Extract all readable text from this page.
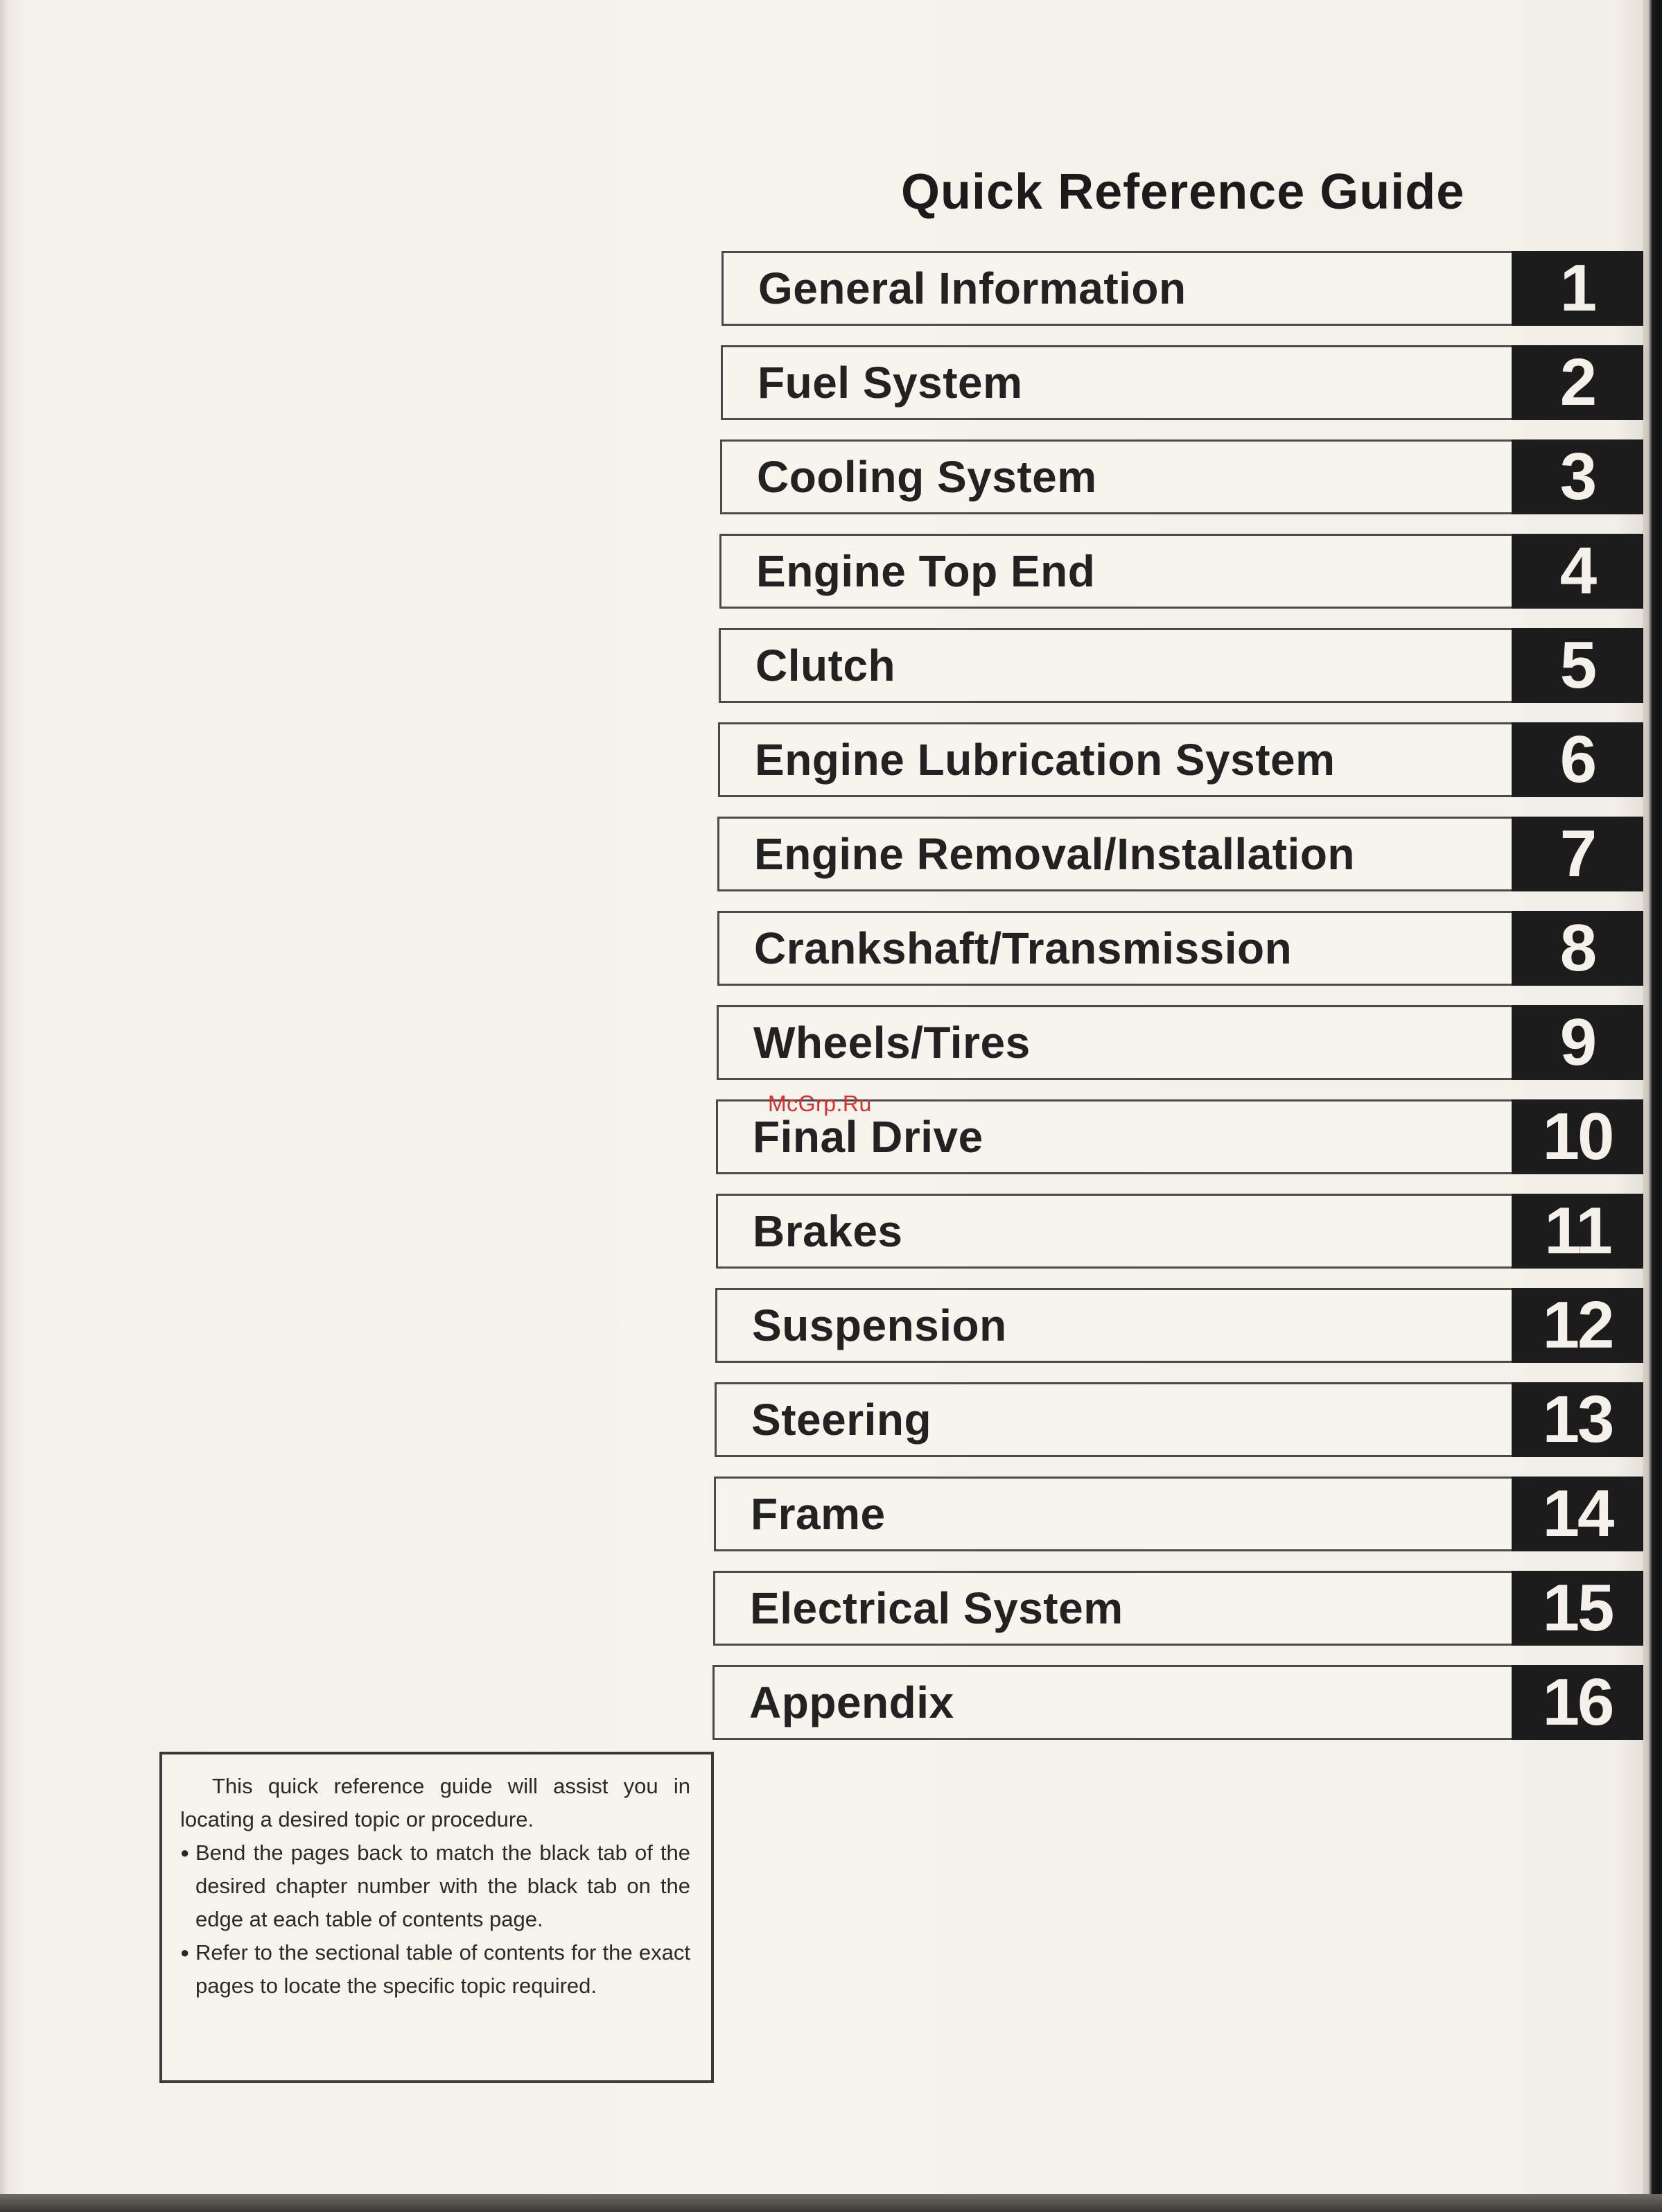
Quick Reference Guide
General Information	1
Fuel System	2
Cooling System	3
Engine Top End	4
Clutch	5
Engine Lubrication System	6
Engine Removal/Installation	7
Crankshaft/Transmission	8
Wheels/Tires	9
Final Drive	10
Brakes	11
Suspension	12
Steering	13
Frame	14
Electrical System	15
Appendix	16
McGrp.Ru

This quick reference guide will assist you in locating a desired topic or procedure.

● Bend the pages back to match the black tab of the desired chapter number with the black tab on the edge at each table of contents page.

● Refer to the sectional table of contents for the exact pages to locate the specific topic required.
